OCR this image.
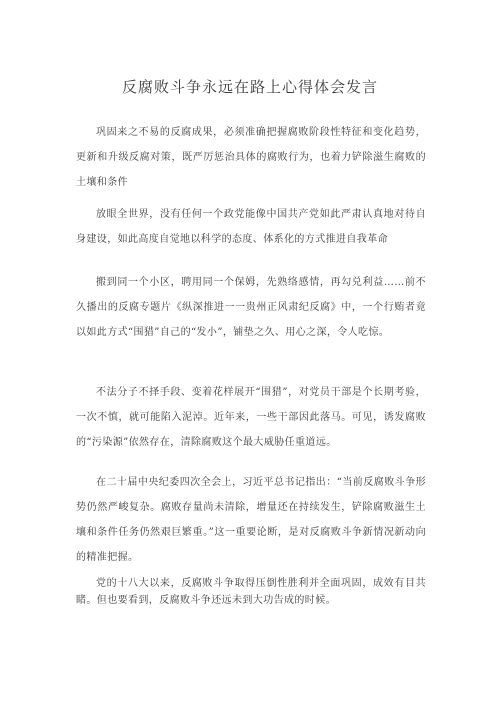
反腐败斗争永远在路上心得体会发言

巩固来之不易的反腐成果，必须准确把握腐败阶段性特征和变化趋势，更新和升级反腐对策，既严厉惩治具体的腐败行为，也着力铲除滋生腐败的土壤和条件

放眼全世界，没有任何一个政党能像中国共产党如此严肃认真地对待自身建设，如此高度自觉地以科学的态度、体系化的方式推进自我革命

搬到同一个小区，聘用同一个保姆，先熟络感情，再勾兑利益……前不久播出的反腐专题片《纵深推进一一贵州正风肃纪反腐》中，一个行贿者竟以如此方式“围猎”自己的“发小”，铺垫之久、用心之深，令人吃惊。

不法分子不择手段、变着花样展开“围猎”，对党员干部是个长期考验，一次不慎，就可能陷入泥淖。近年来，一些干部因此落马。可见，诱发腐败的“污染源”依然存在，清除腐败这个最大威胁任重道远。

在二十届中央纪委四次全会上，习近平总书记指出：“当前反腐败斗争形势仍然严峻复杂。腐败存量尚未清除，增量还在持续发生，铲除腐败滋生土壤和条件任务仍然艰巨繁重。”这一重要论断，是对反腐败斗争新情况新动向的精准把握。

党的十八大以来，反腐败斗争取得压倒性胜利并全面巩固，成效有目共睹。但也要看到，反腐败斗争还远未到大功告成的时候。
